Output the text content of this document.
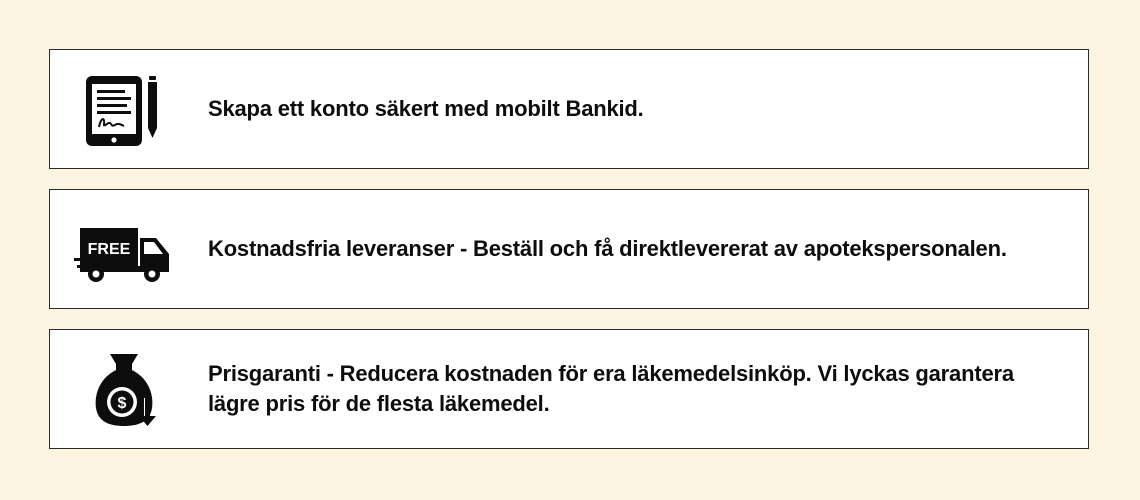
Skapa ett konto säkert med mobilt Bankid.
FREE	Kostnadsfria leveranser - Beställ och få direktlevererat av apotekspersonalen.
$
Prisgaranti - Reducera kostnaden för era läkemedelsinköp. Vi lyckas garantera lägre pris för de flesta läkemedel.
